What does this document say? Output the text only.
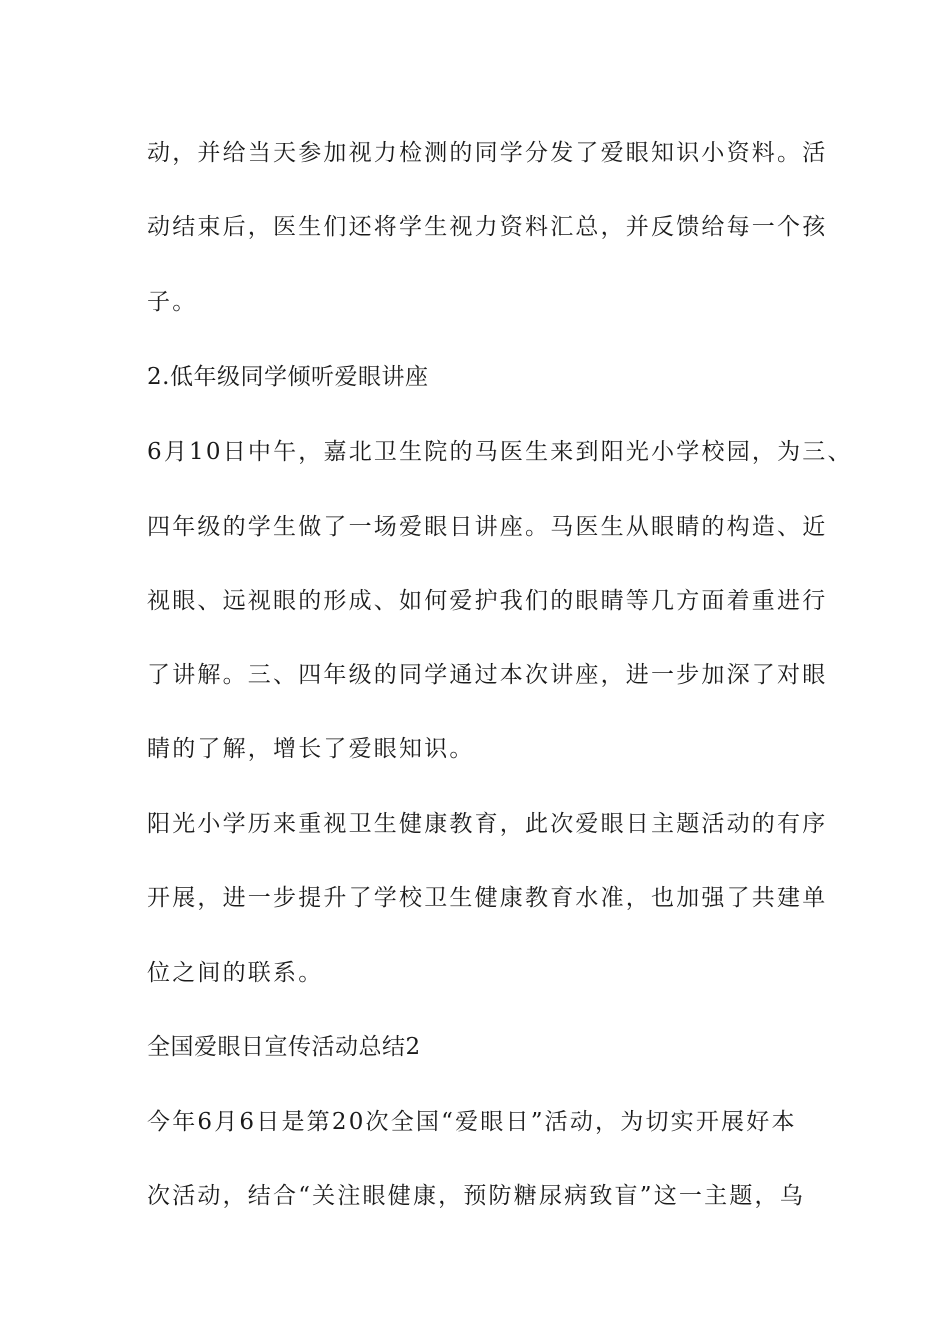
动，并给当天参加视力检测的同学分发了爱眼知识小资料。活
动结束后，医生们还将学生视力资料汇总，并反馈给每一个孩
子。
2.低年级同学倾听爱眼讲座
6月10日中午，嘉北卫生院的马医生来到阳光小学校园，为三、
四年级的学生做了一场爱眼日讲座。马医生从眼睛的构造、近
视眼、远视眼的形成、如何爱护我们的眼睛等几方面着重进行
了讲解。三、四年级的同学通过本次讲座，进一步加深了对眼
睛的了解，增长了爱眼知识。
阳光小学历来重视卫生健康教育，此次爱眼日主题活动的有序
开展，进一步提升了学校卫生健康教育水准，也加强了共建单
位之间的联系。
全国爱眼日宣传活动总结2
今年6月6日是第20次全国“爱眼日”活动，为切实开展好本
次活动，结合“关注眼健康，预防糖尿病致盲”这一主题，乌
